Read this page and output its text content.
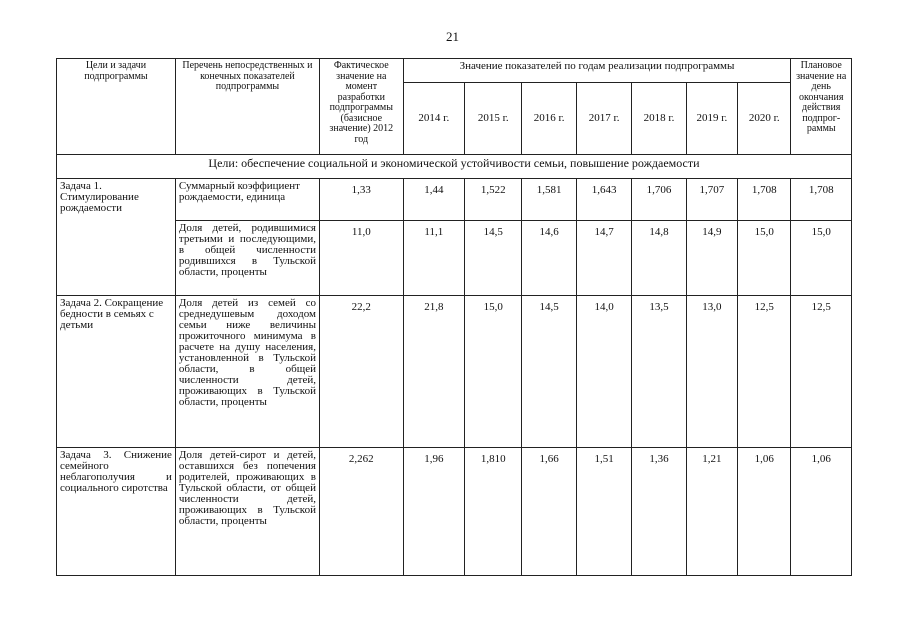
21
Цели и задачи подпрограммы	Перечень непосредственных и конечных показателей подпрограммы	Фактическое значение на момент разработки подпрограммы (базисное значение) 2012 год	Значение показателей по годам реализации подпрограммы							Плановое значение на день окончания действия подпрог-раммы
			2014 г.	2015 г.	2016 г.	2017 г.	2018 г.	2019 г.	2020 г.	
Цели: обеспечение социальной и экономической устойчивости семьи, повышение рождаемости										
Задача 1. Стимулирование рождаемости	Суммарный коэффициент рождаемости, единица	1,33	1,44	1,522	1,581	1,643	1,706	1,707	1,708	1,708
	Доля детей, родившимися третьими и последующими, в общей численности родившихся в Тульской области, проценты	11,0	11,1	14,5	14,6	14,7	14,8	14,9	15,0	15,0
Задача 2. Сокращение бедности в семьях с детьми	Доля детей из семей со среднедушевым доходом семьи ниже величины прожиточного минимума в расчете на душу населения, установленной в Тульской области, в общей численности детей, проживающих в Тульской области, проценты	22,2	21,8	15,0	14,5	14,0	13,5	13,0	12,5	12,5
Задача 3. Снижение семейного неблагополучия и социального сиротства	Доля детей-сирот и детей, оставшихся без попечения родителей, проживающих в Тульской области, от общей численности детей, проживающих в Тульской области, проценты	2,262	1,96	1,810	1,66	1,51	1,36	1,21	1,06	1,06
